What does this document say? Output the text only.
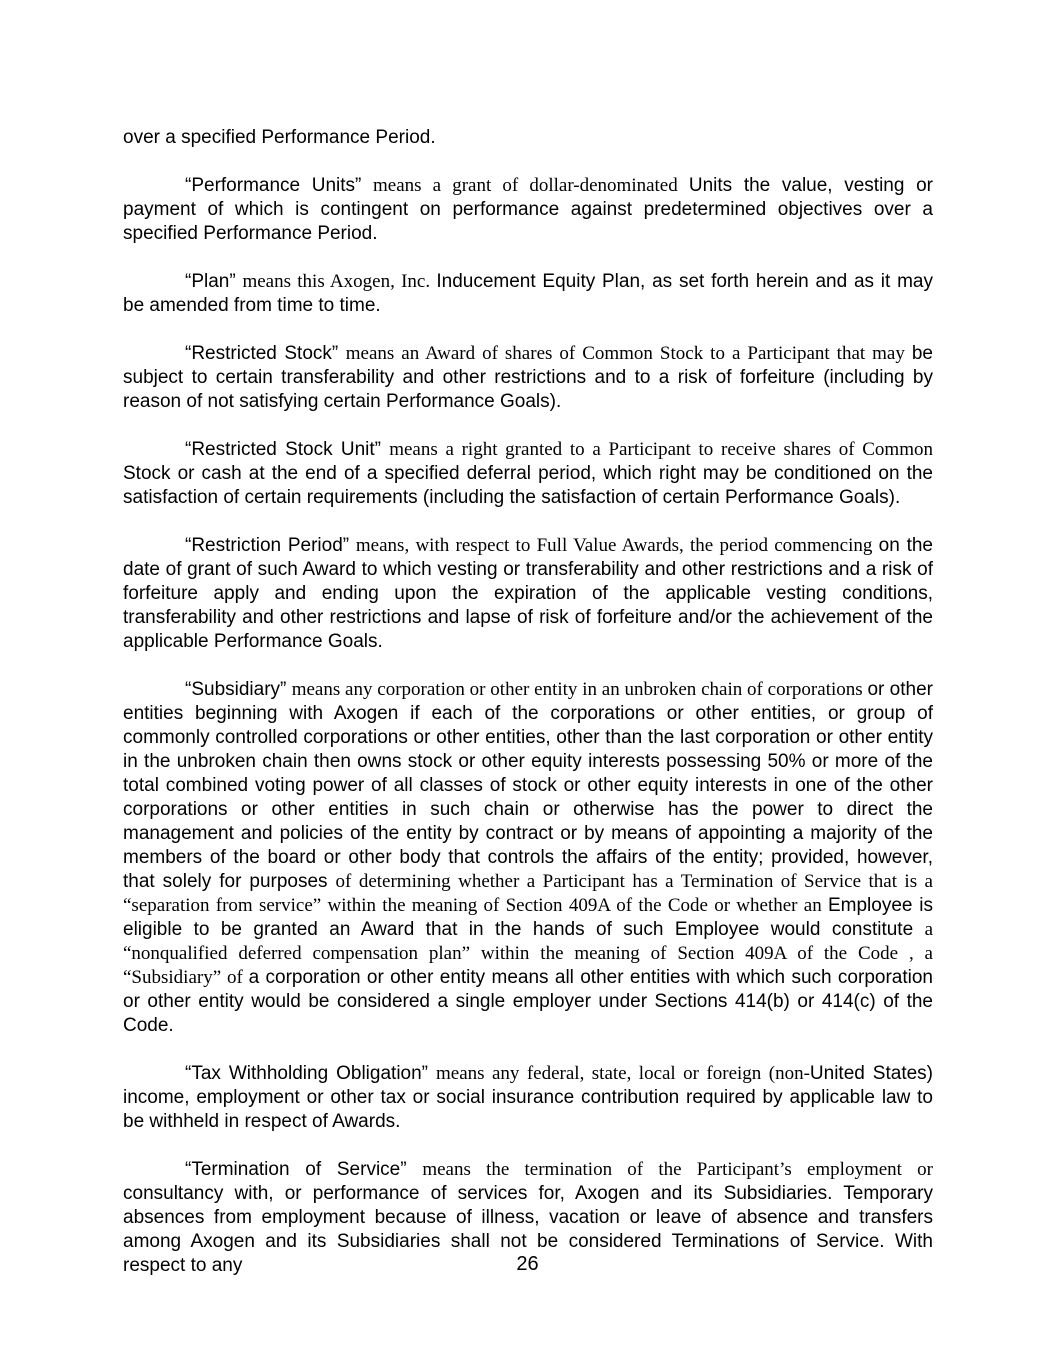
over a specified Performance Period.

“Performance Units” means a grant of dollar-denominated Units the value, vesting or payment of which is contingent on performance against predetermined objectives over a specified Performance Period.

“Plan” means this Axogen, Inc. Inducement Equity Plan, as set forth herein and as it may be amended from time to time.

“Restricted Stock” means an Award of shares of Common Stock to a Participant that may be subject to certain transferability and other restrictions and to a risk of forfeiture (including by reason of not satisfying certain Performance Goals).

“Restricted Stock Unit” means a right granted to a Participant to receive shares of Common Stock or cash at the end of a specified deferral period, which right may be conditioned on the satisfaction of certain requirements (including the satisfaction of certain Performance Goals).

“Restriction Period” means, with respect to Full Value Awards, the period commencing on the date of grant of such Award to which vesting or transferability and other restrictions and a risk of forfeiture apply and ending upon the expiration of the applicable vesting conditions, transferability and other restrictions and lapse of risk of forfeiture and/or the achievement of the applicable Performance Goals.

“Subsidiary” means any corporation or other entity in an unbroken chain of corporations or other entities beginning with Axogen if each of the corporations or other entities, or group of commonly controlled corporations or other entities, other than the last corporation or other entity in the unbroken chain then owns stock or other equity interests possessing 50% or more of the total combined voting power of all classes of stock or other equity interests in one of the other corporations or other entities in such chain or otherwise has the power to direct the management and policies of the entity by contract or by means of appointing a majority of the members of the board or other body that controls the affairs of the entity; provided, however, that solely for purposes of determining whether a Participant has a Termination of Service that is a “separation from service” within the meaning of Section 409A of the Code or whether an Employee is eligible to be granted an Award that in the hands of such Employee would constitute a “nonqualified deferred compensation plan” within the meaning of Section 409A of the Code , a “Subsidiary” of a corporation or other entity means all other entities with which such corporation or other entity would be considered a single employer under Sections 414(b) or 414(c) of the Code.

“Tax Withholding Obligation” means any federal, state, local or foreign (non-United States) income, employment or other tax or social insurance contribution required by applicable law to be withheld in respect of Awards.

“Termination of Service” means the termination of the Participant’s employment or consultancy with, or performance of services for, Axogen and its Subsidiaries. Temporary absences from employment because of illness, vacation or leave of absence and transfers among Axogen and its Subsidiaries shall not be considered Terminations of Service. With respect to any	26
